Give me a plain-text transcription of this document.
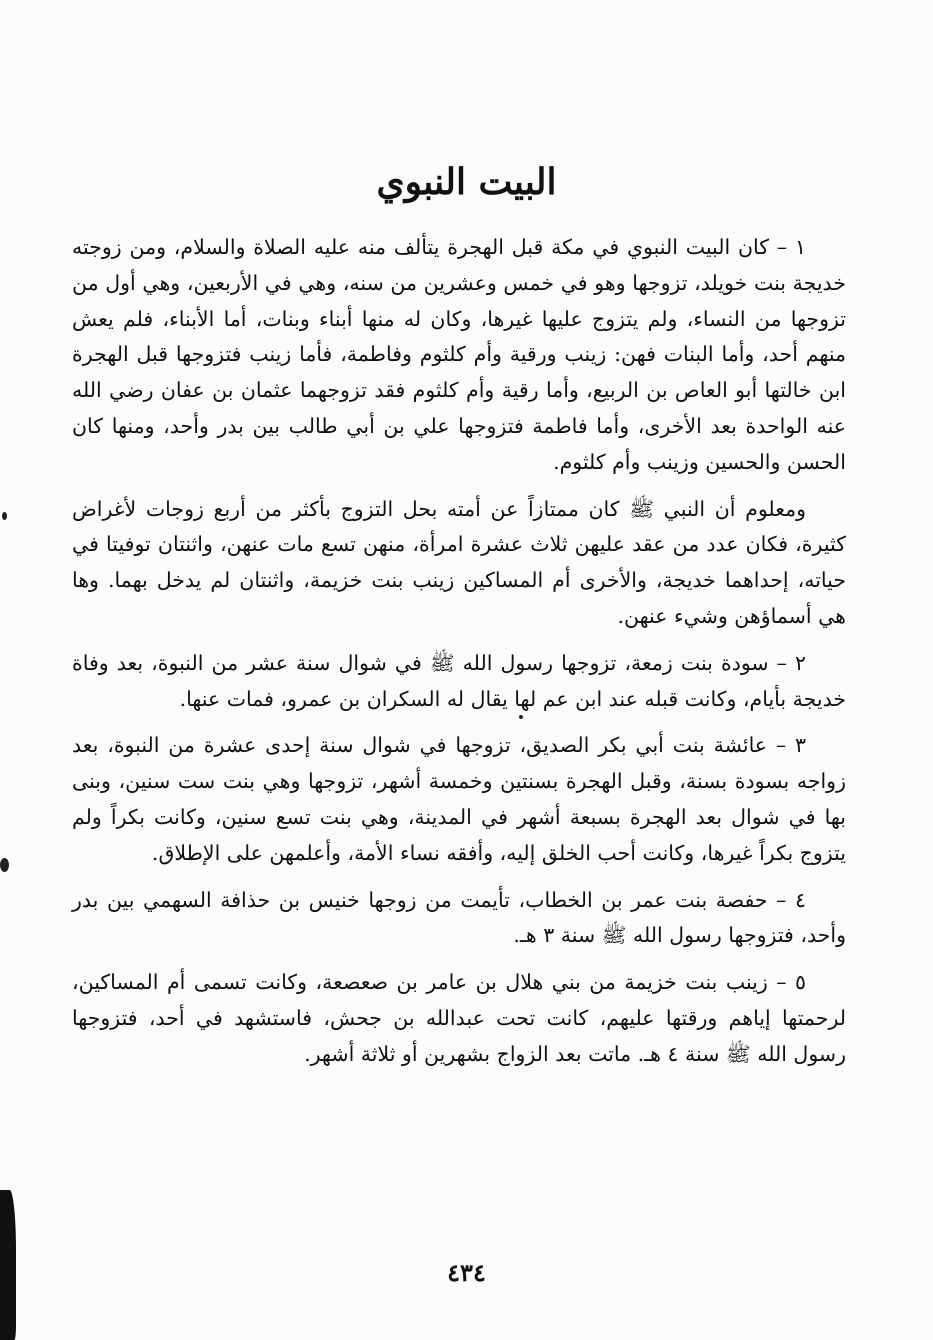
البيت النبوي

١ – كان البيت النبوي في مكة قبل الهجرة يتألف منه عليه الصلاة والسلام، ومن زوجته خديجة بنت خويلد، تزوجها وهو في خمس وعشرين من سنه، وهي في الأربعين، وهي أول من تزوجها من النساء، ولم يتزوج عليها غيرها، وكان له منها أبناء وبنات، أما الأبناء، فلم يعش منهم أحد، وأما البنات فهن: زينب ورقية وأم كلثوم وفاطمة، فأما زينب فتزوجها قبل الهجرة ابن خالتها أبو العاص بن الربيع، وأما رقية وأم كلثوم فقد تزوجهما عثمان بن عفان رضي الله عنه الواحدة بعد الأخرى، وأما فاطمة فتزوجها علي بن أبي طالب بين بدر وأحد، ومنها كان الحسن والحسين وزينب وأم كلثوم.

ومعلوم أن النبي ﷺ كان ممتازاً عن أمته بحل التزوج بأكثر من أربع زوجات لأغراض كثيرة، فكان عدد من عقد عليهن ثلاث عشرة امرأة، منهن تسع مات عنهن، واثنتان توفيتا في حياته، إحداهما خديجة، والأخرى أم المساكين زينب بنت خزيمة، واثنتان لم يدخل بهما. وها هي أسماؤهن وشيء عنهن.

٢ – سودة بنت زمعة، تزوجها رسول الله ﷺ في شوال سنة عشر من النبوة، بعد وفاة خديجة بأيام، وكانت قبله عند ابن عم لها يقال له السكران بن عمرو، فمات عنها.

٣ – عائشة بنت أبي بكر الصديق، تزوجها في شوال سنة إحدى عشرة من النبوة، بعد زواجه بسودة بسنة، وقبل الهجرة بسنتين وخمسة أشهر، تزوجها وهي بنت ست سنين، وبنى بها في شوال بعد الهجرة بسبعة أشهر في المدينة، وهي بنت تسع سنين، وكانت بكراً ولم يتزوج بكراً غيرها، وكانت أحب الخلق إليه، وأفقه نساء الأمة، وأعلمهن على الإطلاق.

٤ – حفصة بنت عمر بن الخطاب، تأيمت من زوجها خنيس بن حذافة السهمي بين بدر وأحد، فتزوجها رسول الله ﷺ سنة ٣ هـ.

٥ – زينب بنت خزيمة من بني هلال بن عامر بن صعصعة، وكانت تسمى أم المساكين، لرحمتها إياهم ورقتها عليهم، كانت تحت عبدالله بن جحش، فاستشهد في أحد، فتزوجها رسول الله ﷺ سنة ٤ هـ. ماتت بعد الزواج بشهرين أو ثلاثة أشهر.

٤٣٤
